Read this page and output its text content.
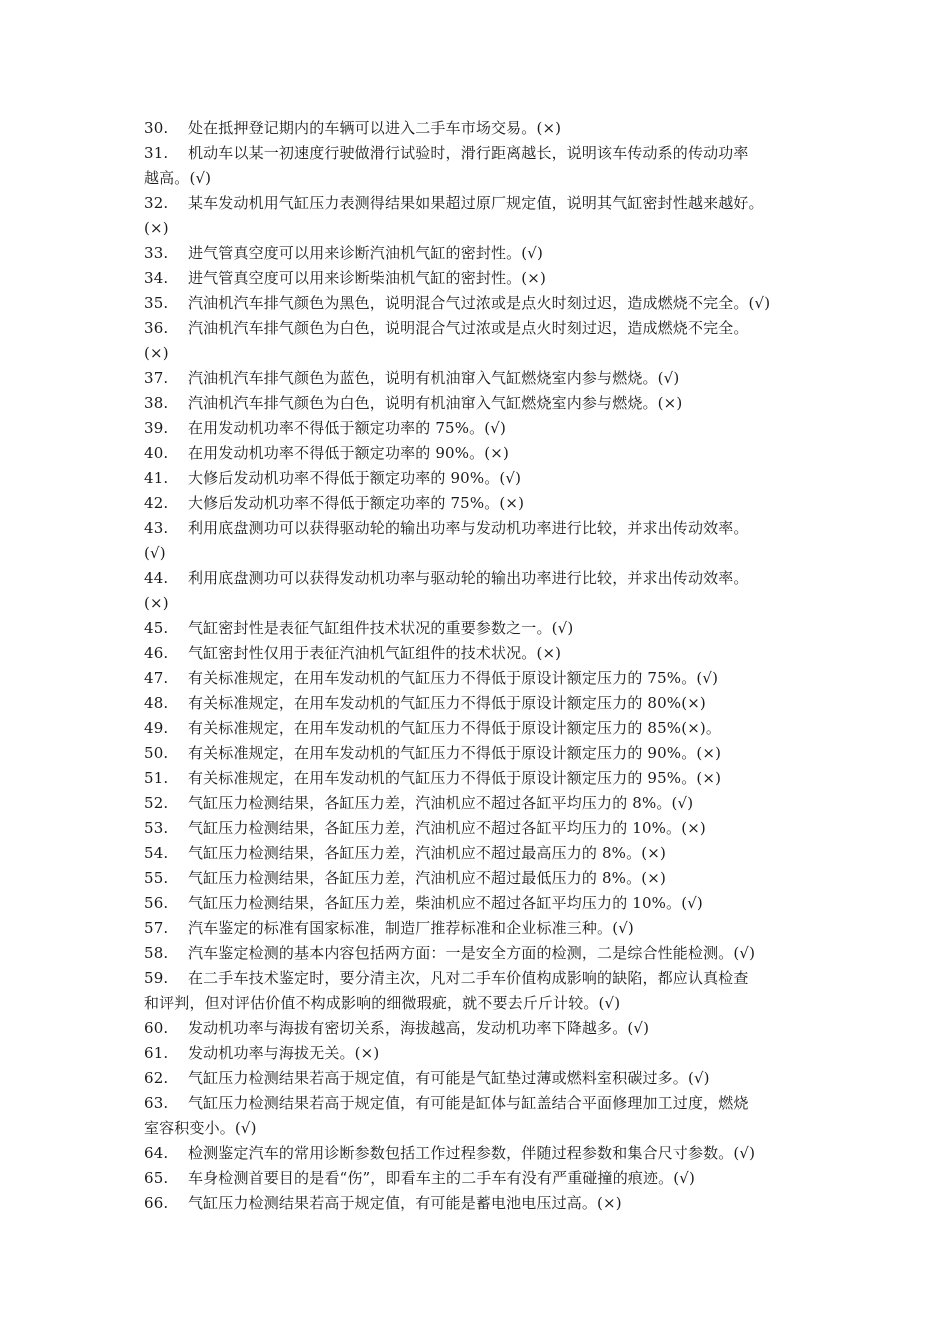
30. 处在抵押登记期内的车辆可以进入二手车市场交易。(×)
31. 机动车以某一初速度行驶做滑行试验时，滑行距离越长，说明该车传动系的传动功率
越高。(√)
32. 某车发动机用气缸压力表测得结果如果超过原厂规定值，说明其气缸密封性越来越好。
(×)
33. 进气管真空度可以用来诊断汽油机气缸的密封性。(√)
34. 进气管真空度可以用来诊断柴油机气缸的密封性。(×)
35. 汽油机汽车排气颜色为黑色，说明混合气过浓或是点火时刻过迟，造成燃烧不完全。(√)
36. 汽油机汽车排气颜色为白色，说明混合气过浓或是点火时刻过迟，造成燃烧不完全。
(×)
37. 汽油机汽车排气颜色为蓝色，说明有机油窜入气缸燃烧室内参与燃烧。(√)
38. 汽油机汽车排气颜色为白色，说明有机油窜入气缸燃烧室内参与燃烧。(×)
39. 在用发动机功率不得低于额定功率的 75%。(√)
40. 在用发动机功率不得低于额定功率的 90%。(×)
41. 大修后发动机功率不得低于额定功率的 90%。(√)
42. 大修后发动机功率不得低于额定功率的 75%。(×)
43. 利用底盘测功可以获得驱动轮的输出功率与发动机功率进行比较，并求出传动效率。
(√)
44. 利用底盘测功可以获得发动机功率与驱动轮的输出功率进行比较，并求出传动效率。
(×)
45. 气缸密封性是表征气缸组件技术状况的重要参数之一。(√)
46. 气缸密封性仅用于表征汽油机气缸组件的技术状况。(×)
47. 有关标准规定，在用车发动机的气缸压力不得低于原设计额定压力的 75%。(√)
48. 有关标准规定，在用车发动机的气缸压力不得低于原设计额定压力的 80%(×)
49. 有关标准规定，在用车发动机的气缸压力不得低于原设计额定压力的 85%(×)。
50. 有关标准规定，在用车发动机的气缸压力不得低于原设计额定压力的 90%。(×)
51. 有关标准规定，在用车发动机的气缸压力不得低于原设计额定压力的 95%。(×)
52. 气缸压力检测结果，各缸压力差，汽油机应不超过各缸平均压力的 8%。(√)
53. 气缸压力检测结果，各缸压力差，汽油机应不超过各缸平均压力的 10%。(×)
54. 气缸压力检测结果，各缸压力差，汽油机应不超过最高压力的 8%。(×)
55. 气缸压力检测结果，各缸压力差，汽油机应不超过最低压力的 8%。(×)
56. 气缸压力检测结果，各缸压力差，柴油机应不超过各缸平均压力的 10%。(√)
57. 汽车鉴定的标准有国家标准，制造厂推荐标准和企业标准三种。(√)
58. 汽车鉴定检测的基本内容包括两方面：一是安全方面的检测，二是综合性能检测。(√)
59. 在二手车技术鉴定时，要分清主次，凡对二手车价值构成影响的缺陷，都应认真检查
和评判，但对评估价值不构成影响的细微瑕疵，就不要去斤斤计较。(√)
60. 发动机功率与海拔有密切关系，海拔越高，发动机功率下降越多。(√)
61. 发动机功率与海拔无关。(×)
62. 气缸压力检测结果若高于规定值，有可能是气缸垫过薄或燃料室积碳过多。(√)
63. 气缸压力检测结果若高于规定值，有可能是缸体与缸盖结合平面修理加工过度，燃烧
室容积变小。(√)
64. 检测鉴定汽车的常用诊断参数包括工作过程参数，伴随过程参数和集合尺寸参数。(√)
65. 车身检测首要目的是看“伤”，即看车主的二手车有没有严重碰撞的痕迹。(√)
66. 气缸压力检测结果若高于规定值，有可能是蓄电池电压过高。(×)
